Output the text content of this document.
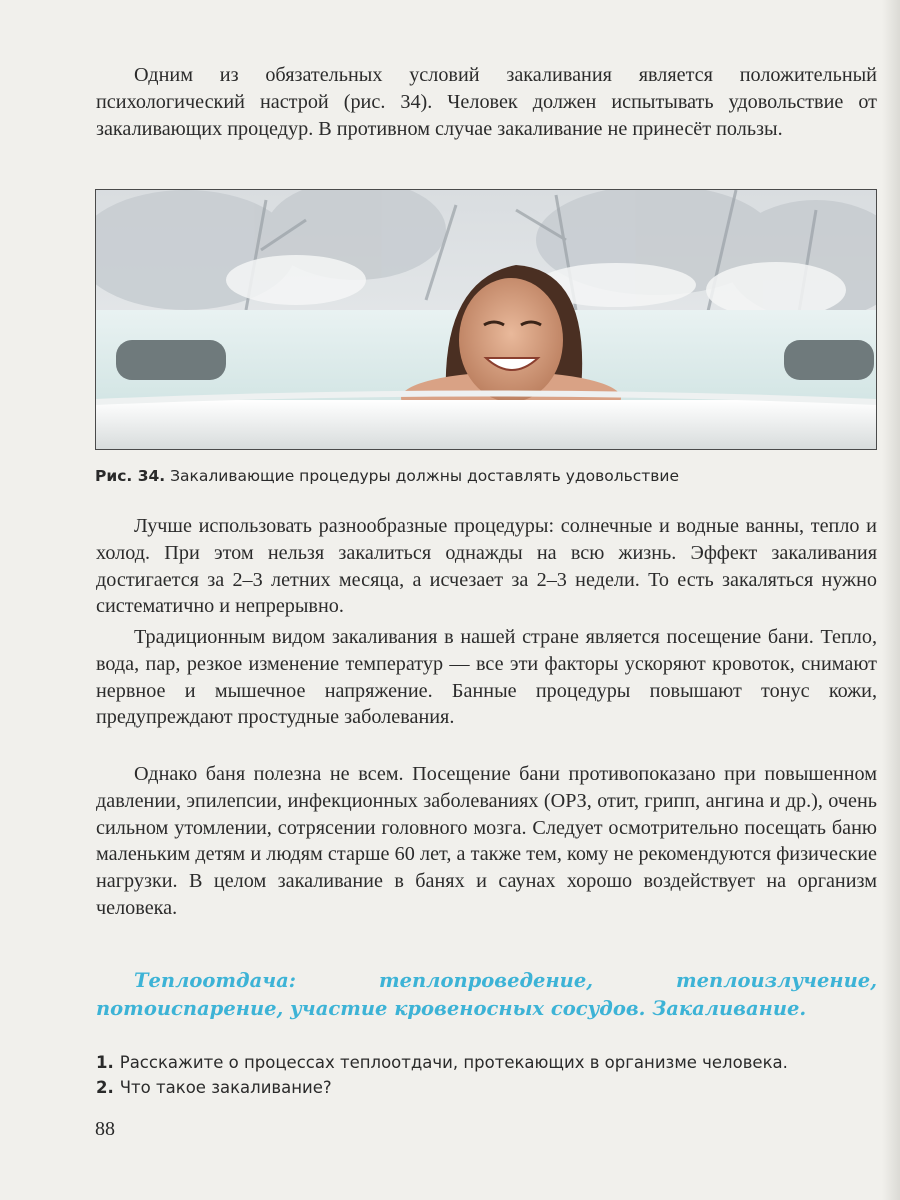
Одним из обязательных условий закаливания является положительный психологический настрой (рис. 34). Человек должен испытывать удовольствие от закаливающих процедур. В противном случае закаливание не принесёт пользы.

Рис. 34. Закаливающие процедуры должны доставлять удовольствие

Лучше использовать разнообразные процедуры: солнечные и водные ванны, тепло и холод. При этом нельзя закалиться однажды на всю жизнь. Эффект закаливания достигается за 2–3 летних месяца, а исчезает за 2–3 недели. То есть закаляться нужно систематично и непрерывно.

Традиционным видом закаливания в нашей стране является посещение бани. Тепло, вода, пар, резкое изменение температур — все эти факторы ускоряют кровоток, снимают нервное и мышечное напряжение. Банные процедуры повышают тонус кожи, предупреждают простудные заболевания.

Однако баня полезна не всем. Посещение бани противопоказано при повышенном давлении, эпилепсии, инфекционных заболеваниях (ОРЗ, отит, грипп, ангина и др.), очень сильном утомлении, сотрясении головного мозга. Следует осмотрительно посещать баню маленьким детям и людям старше 60 лет, а также тем, кому не рекомендуются физические нагрузки. В целом закаливание в банях и саунах хорошо воздействует на организм человека.

Теплоотдача: теплопроведение, теплоизлучение, потоиспарение, участие кровеносных сосудов. Закаливание.

1. Расскажите о процессах теплоотдачи, протекающих в организме человека.
2. Что такое закаливание?
88
